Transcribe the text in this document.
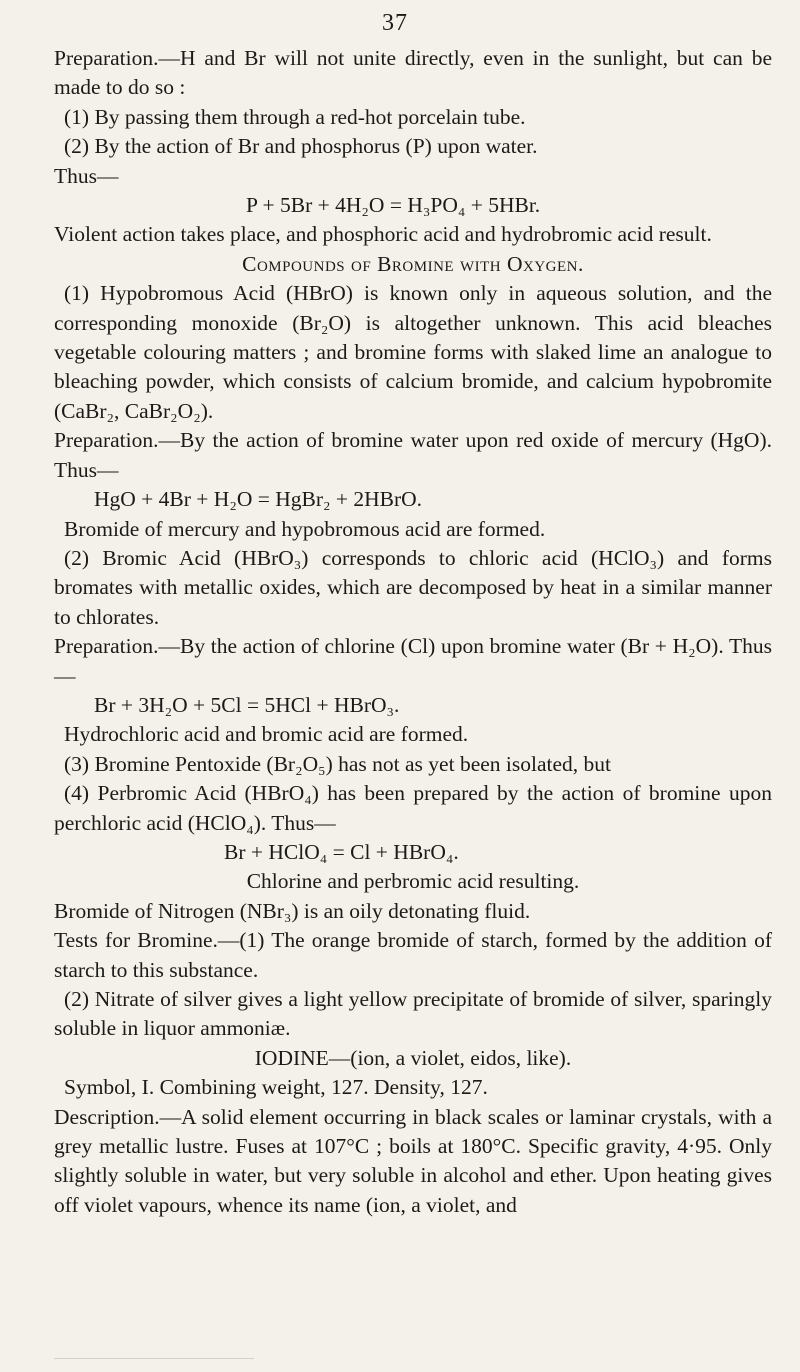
37

Preparation.—H and Br will not unite directly, even in the sunlight, but can be made to do so :

(1) By passing them through a red-hot porcelain tube.

(2) By the action of Br and phosphorus (P) upon water.

Thus—

P + 5Br + 4H₂O = H₃PO₄ + 5HBr.

Violent action takes place, and phosphoric acid and hydrobromic acid result.

Compounds of Bromine with Oxygen.

(1) Hypobromous Acid (HBrO) is known only in aqueous solution, and the corresponding monoxide (Br₂O) is altogether unknown. This acid bleaches vegetable colouring matters ; and bromine forms with slaked lime an analogue to bleaching powder, which consists of calcium bromide, and calcium hypobromite (CaBr₂, CaBr₂O₂).

Preparation.—By the action of bromine water upon red oxide of mercury (HgO). Thus—

HgO + 4Br + H₂O = HgBr₂ + 2HBrO.

Bromide of mercury and hypobromous acid are formed.

(2) Bromic Acid (HBrO₃) corresponds to chloric acid (HClO₃) and forms bromates with metallic oxides, which are decomposed by heat in a similar manner to chlorates.

Preparation.—By the action of chlorine (Cl) upon bromine water (Br + H₂O). Thus—

Br + 3H₂O + 5Cl = 5HCl + HBrO₃.

Hydrochloric acid and bromic acid are formed.

(3) Bromine Pentoxide (Br₂O₅) has not as yet been isolated, but

(4) Perbromic Acid (HBrO₄) has been prepared by the action of bromine upon perchloric acid (HClO₄). Thus—

Br + HClO₄ = Cl + HBrO₄.

Chlorine and perbromic acid resulting.

Bromide of Nitrogen (NBr₃) is an oily detonating fluid.

Tests for Bromine.—(1) The orange bromide of starch, formed by the addition of starch to this substance.

(2) Nitrate of silver gives a light yellow precipitate of bromide of silver, sparingly soluble in liquor ammoniæ.

IODINE—(ion, a violet, eidos, like).

Symbol, I. Combining weight, 127. Density, 127.

Description.—A solid element occurring in black scales or laminar crystals, with a grey metallic lustre. Fuses at 107°C ; boils at 180°C. Specific gravity, 4·95. Only slightly soluble in water, but very soluble in alcohol and ether. Upon heating gives off violet vapours, whence its name (ion, a violet, and
